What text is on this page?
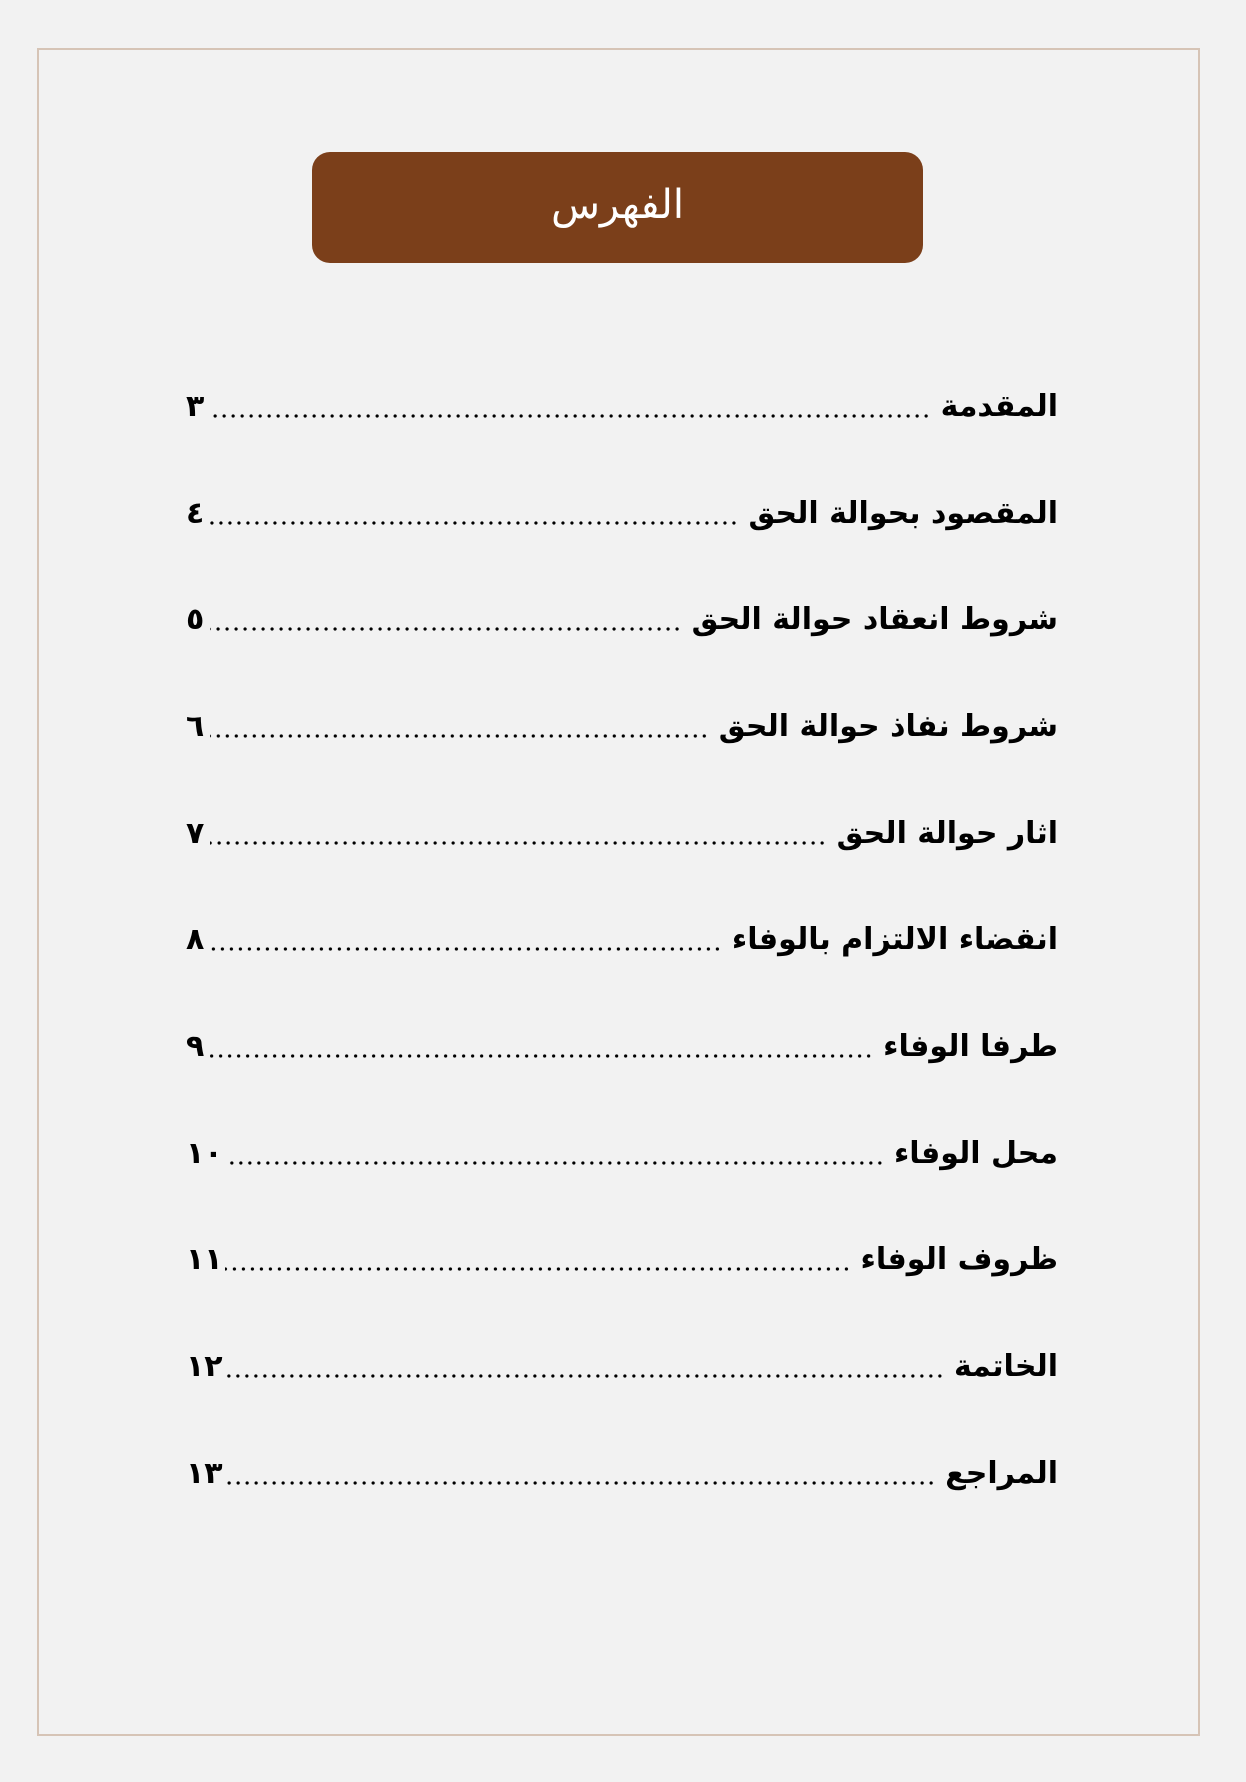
الفهرس
المقدمة
٣
المقصود بحوالة الحق
٤
شروط انعقاد حوالة الحق
٥
شروط نفاذ حوالة الحق
٦
اثار حوالة الحق
٧
انقضاء الالتزام بالوفاء
٨
طرفا الوفاء
٩
محل الوفاء
١٠
ظروف الوفاء
١١
الخاتمة
١٢
المراجع
١٣
